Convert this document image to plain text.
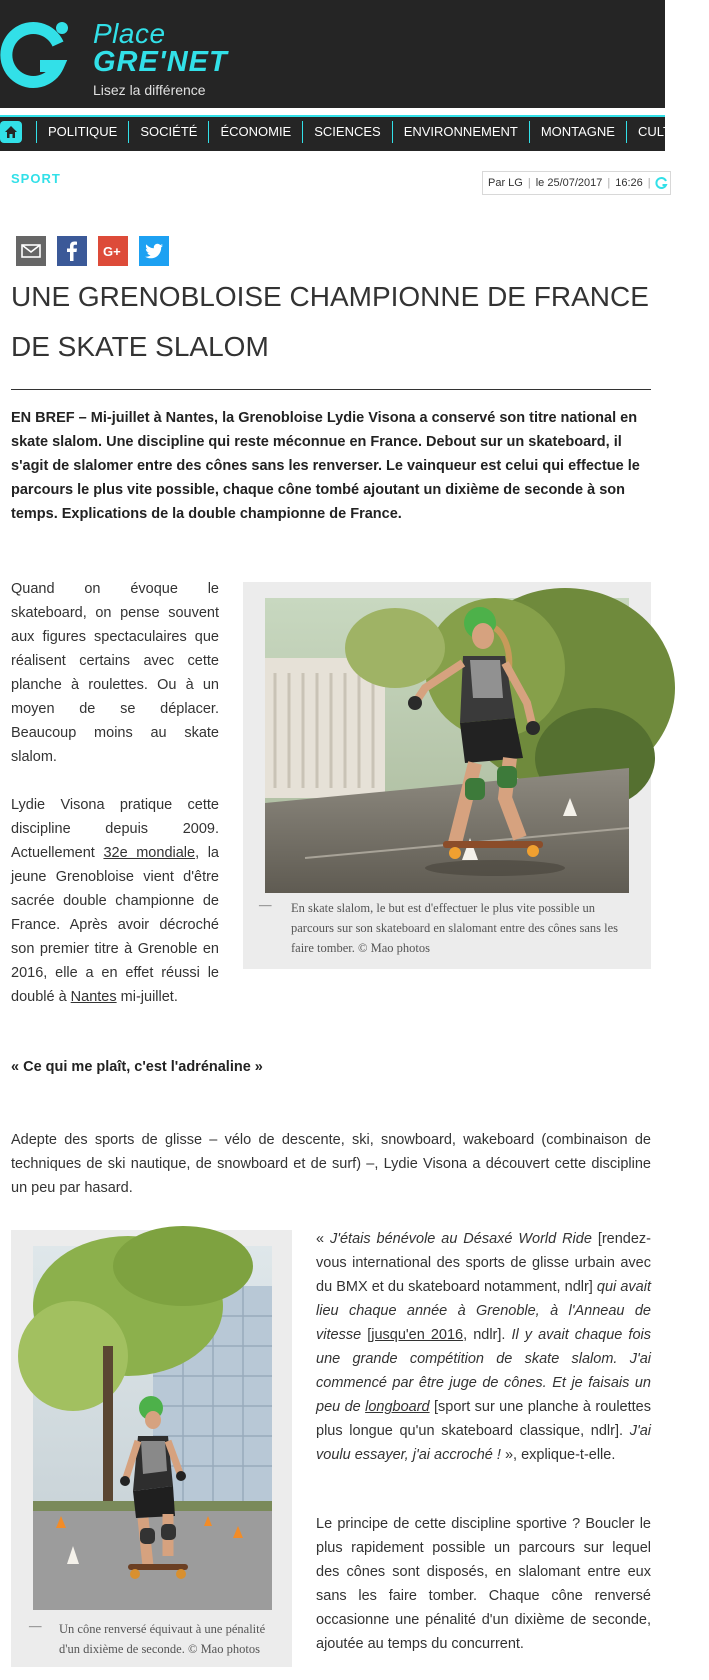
Place
GRE'NET
Lisez la différence
POLITIQUE	SOCIÉTÉ	ÉCONOMIE	SCIENCES	ENVIRONNEMENT	MONTAGNE	CULTURE
SPORT	Par LG | le 25/07/2017 | 16:26 |
G+
UNE GRENOBLOISE CHAMPIONNE DE FRANCE DE SKATE SLALOM

EN BREF – Mi-juillet à Nantes, la Grenobloise Lydie Visona a conservé son titre national en skate slalom. Une discipline qui reste méconnue en France. Debout sur un skateboard, il s'agit de slalomer entre des cônes sans les renverser. Le vainqueur est celui qui effectue le parcours le plus vite possible, chaque cône tombé ajoutant un dixième de seconde à son temps. Explications de la double championne de France.

Quand on évoque le skateboard, on pense souvent aux figures spectaculaires que réalisent certains avec cette planche à roulettes. Ou à un moyen de se déplacer. Beaucoup moins au skate slalom.

Lydie Visona pratique cette discipline depuis 2009. Actuellement 32e mondiale, la jeune Grenobloise vient d'être sacrée double championne de France. Après avoir décroché son premier titre à Grenoble en 2016, elle a en effet réussi le doublé à Nantes mi-juillet.

— En skate slalom, le but est d'effectuer le plus vite possible un parcours sur son skateboard en slalomant entre des cônes sans les faire tomber. © Mao photos
« Ce qui me plaît, c'est l'adrénaline »

Adepte des sports de glisse – vélo de descente, ski, snowboard, wakeboard (combinaison de techniques de ski nautique, de snowboard et de surf) –, Lydie Visona a découvert cette discipline un peu par hasard.

— Un cône renversé équivaut à une pénalité d'un dixième de seconde. © Mao photos

« J'étais bénévole au Désaxé World Ride [rendez-vous international des sports de glisse urbain avec du BMX et du skateboard notamment, ndlr] qui avait lieu chaque année à Grenoble, à l'Anneau de vitesse [jusqu'en 2016, ndlr]. Il y avait chaque fois une grande compétition de skate slalom. J'ai commencé par être juge de cônes. Et je faisais un peu de longboard [sport sur une planche à roulettes plus longue qu'un skateboard classique, ndlr]. J'ai voulu essayer, j'ai accroché ! », explique-t-elle.

Le principe de cette discipline sportive ? Boucler le plus rapidement possible un parcours sur lequel des cônes sont disposés, en slalomant entre eux sans les faire tomber. Chaque cône renversé occasionne une pénalité d'un dixième de seconde, ajoutée au temps du concurrent.
